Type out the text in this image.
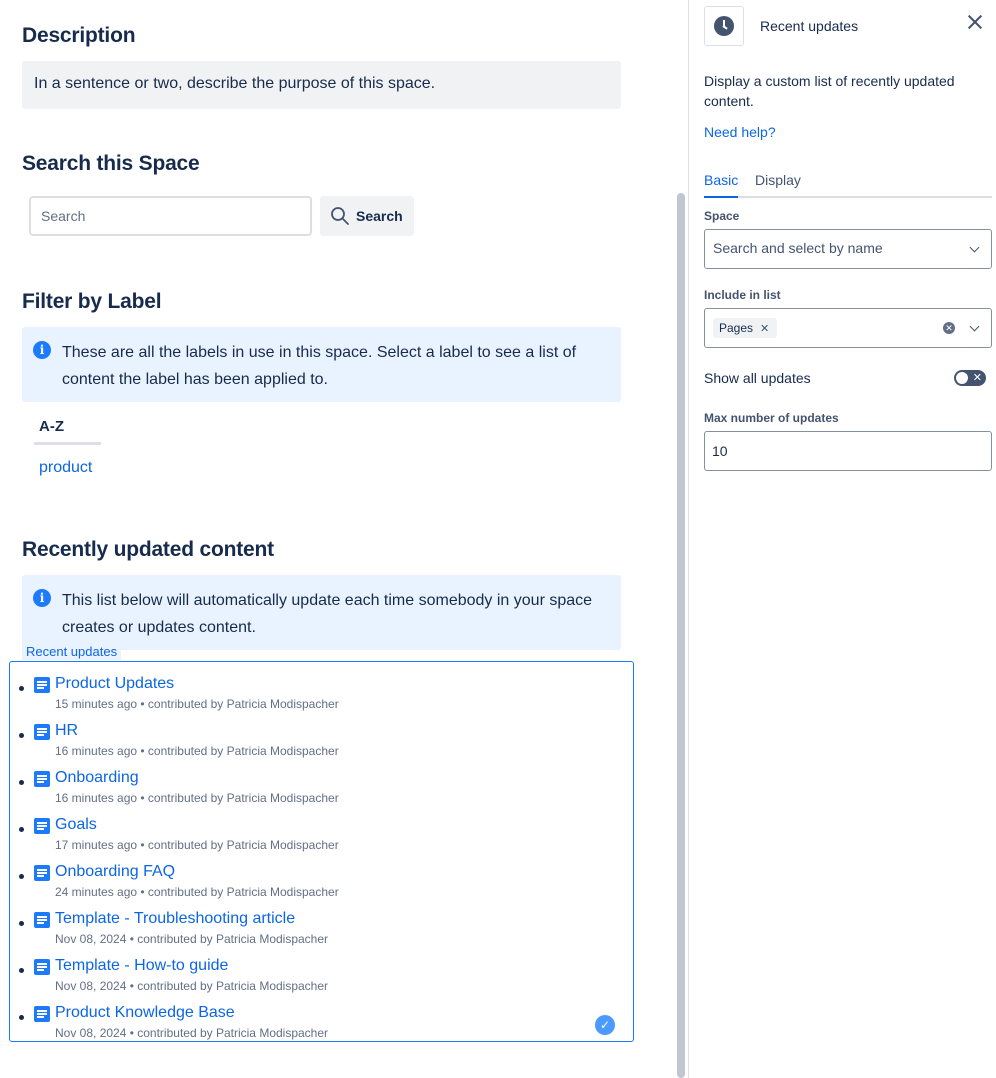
Description
In a sentence or two, describe the purpose of this space.
Search this Space
Search	Search
Filter by Label
i	These are all the labels in use in this space. Select a label to see a list of content the label has been applied to.
A-Z
product
Recently updated content
i	This list below will automatically update each time somebody in your space creates or updates content.
Recent updates
Product Updates
15 minutes ago • contributed by Patricia Modispacher
HR
16 minutes ago • contributed by Patricia Modispacher
Onboarding
16 minutes ago • contributed by Patricia Modispacher
Goals
17 minutes ago • contributed by Patricia Modispacher
Onboarding FAQ
24 minutes ago • contributed by Patricia Modispacher
Template - Troubleshooting article
Nov 08, 2024 • contributed by Patricia Modispacher
Template - How-to guide
Nov 08, 2024 • contributed by Patricia Modispacher
Product Knowledge Base
Nov 08, 2024 • contributed by Patricia Modispacher
✓
Recent updates
Display a custom list of recently updated content.
Need help?
Basic Display
Space
Search and select by name
Include in list
Pages ✕	✕
Show all updates	✕
Max number of updates
10
